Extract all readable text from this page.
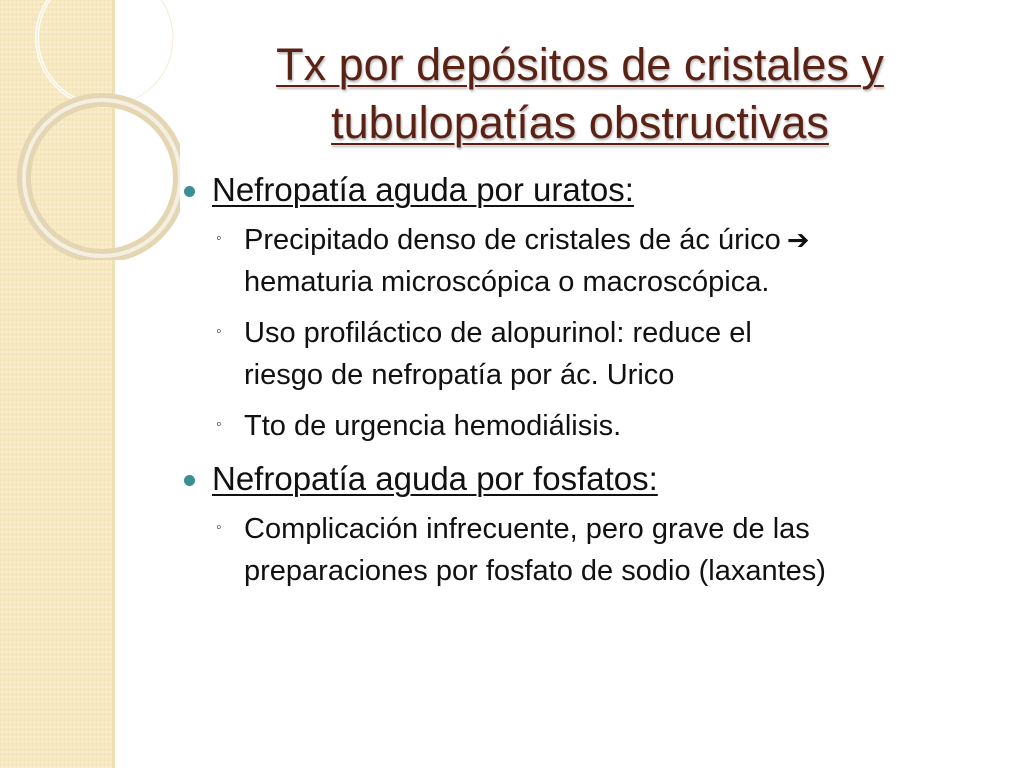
Tx por depósitos de cristales y
tubulopatías obstructivas
Nefropatía aguda por uratos:
◦ Precipitado denso de cristales de ác úrico ➔
hematuria microscópica o macroscópica.
◦ Uso profiláctico de alopurinol: reduce el
riesgo de nefropatía por ác. Urico
◦ Tto de urgencia hemodiálisis.
Nefropatía aguda por fosfatos:
◦ Complicación infrecuente, pero grave de las
preparaciones por fosfato de sodio (laxantes)
